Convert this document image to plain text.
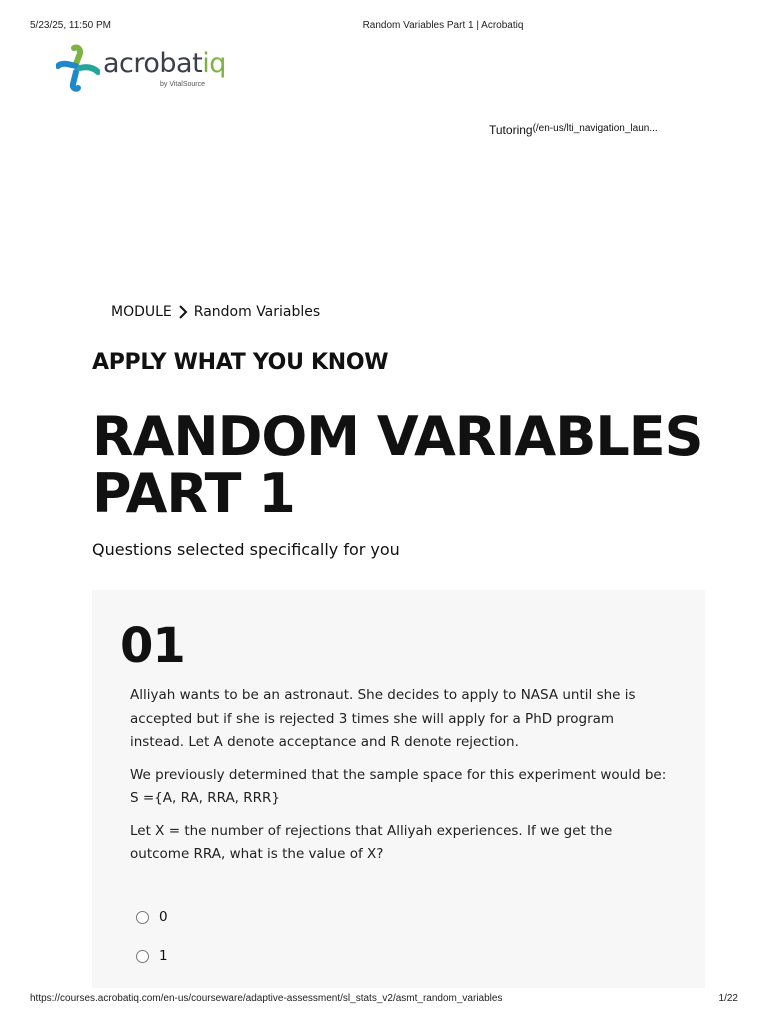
5/23/25, 11:50 PM	Random Variables Part 1 | Acrobatiq
acrobatiq
by VitalSource
Tutoring$^{(/en-us/lti\_navigation\_laun...}$
MODULE Random Variables
APPLY WHAT YOU KNOW
RANDOM VARIABLES PART 1
Questions selected specifically for you
01

Alliyah wants to be an astronaut. She decides to apply to NASA until she is accepted but if she is rejected 3 times she will apply for a PhD program instead. Let A denote acceptance and R denote rejection.

We previously determined that the sample space for this experiment would be: S ={A, RA, RRA, RRR}

Let X = the number of rejections that Alliyah experiences. If we get the outcome RRA, what is the value of X?

0
1
https://courses.acrobatiq.com/en-us/courseware/adaptive-assessment/sl_stats_v2/asmt_random_variables	1/22
